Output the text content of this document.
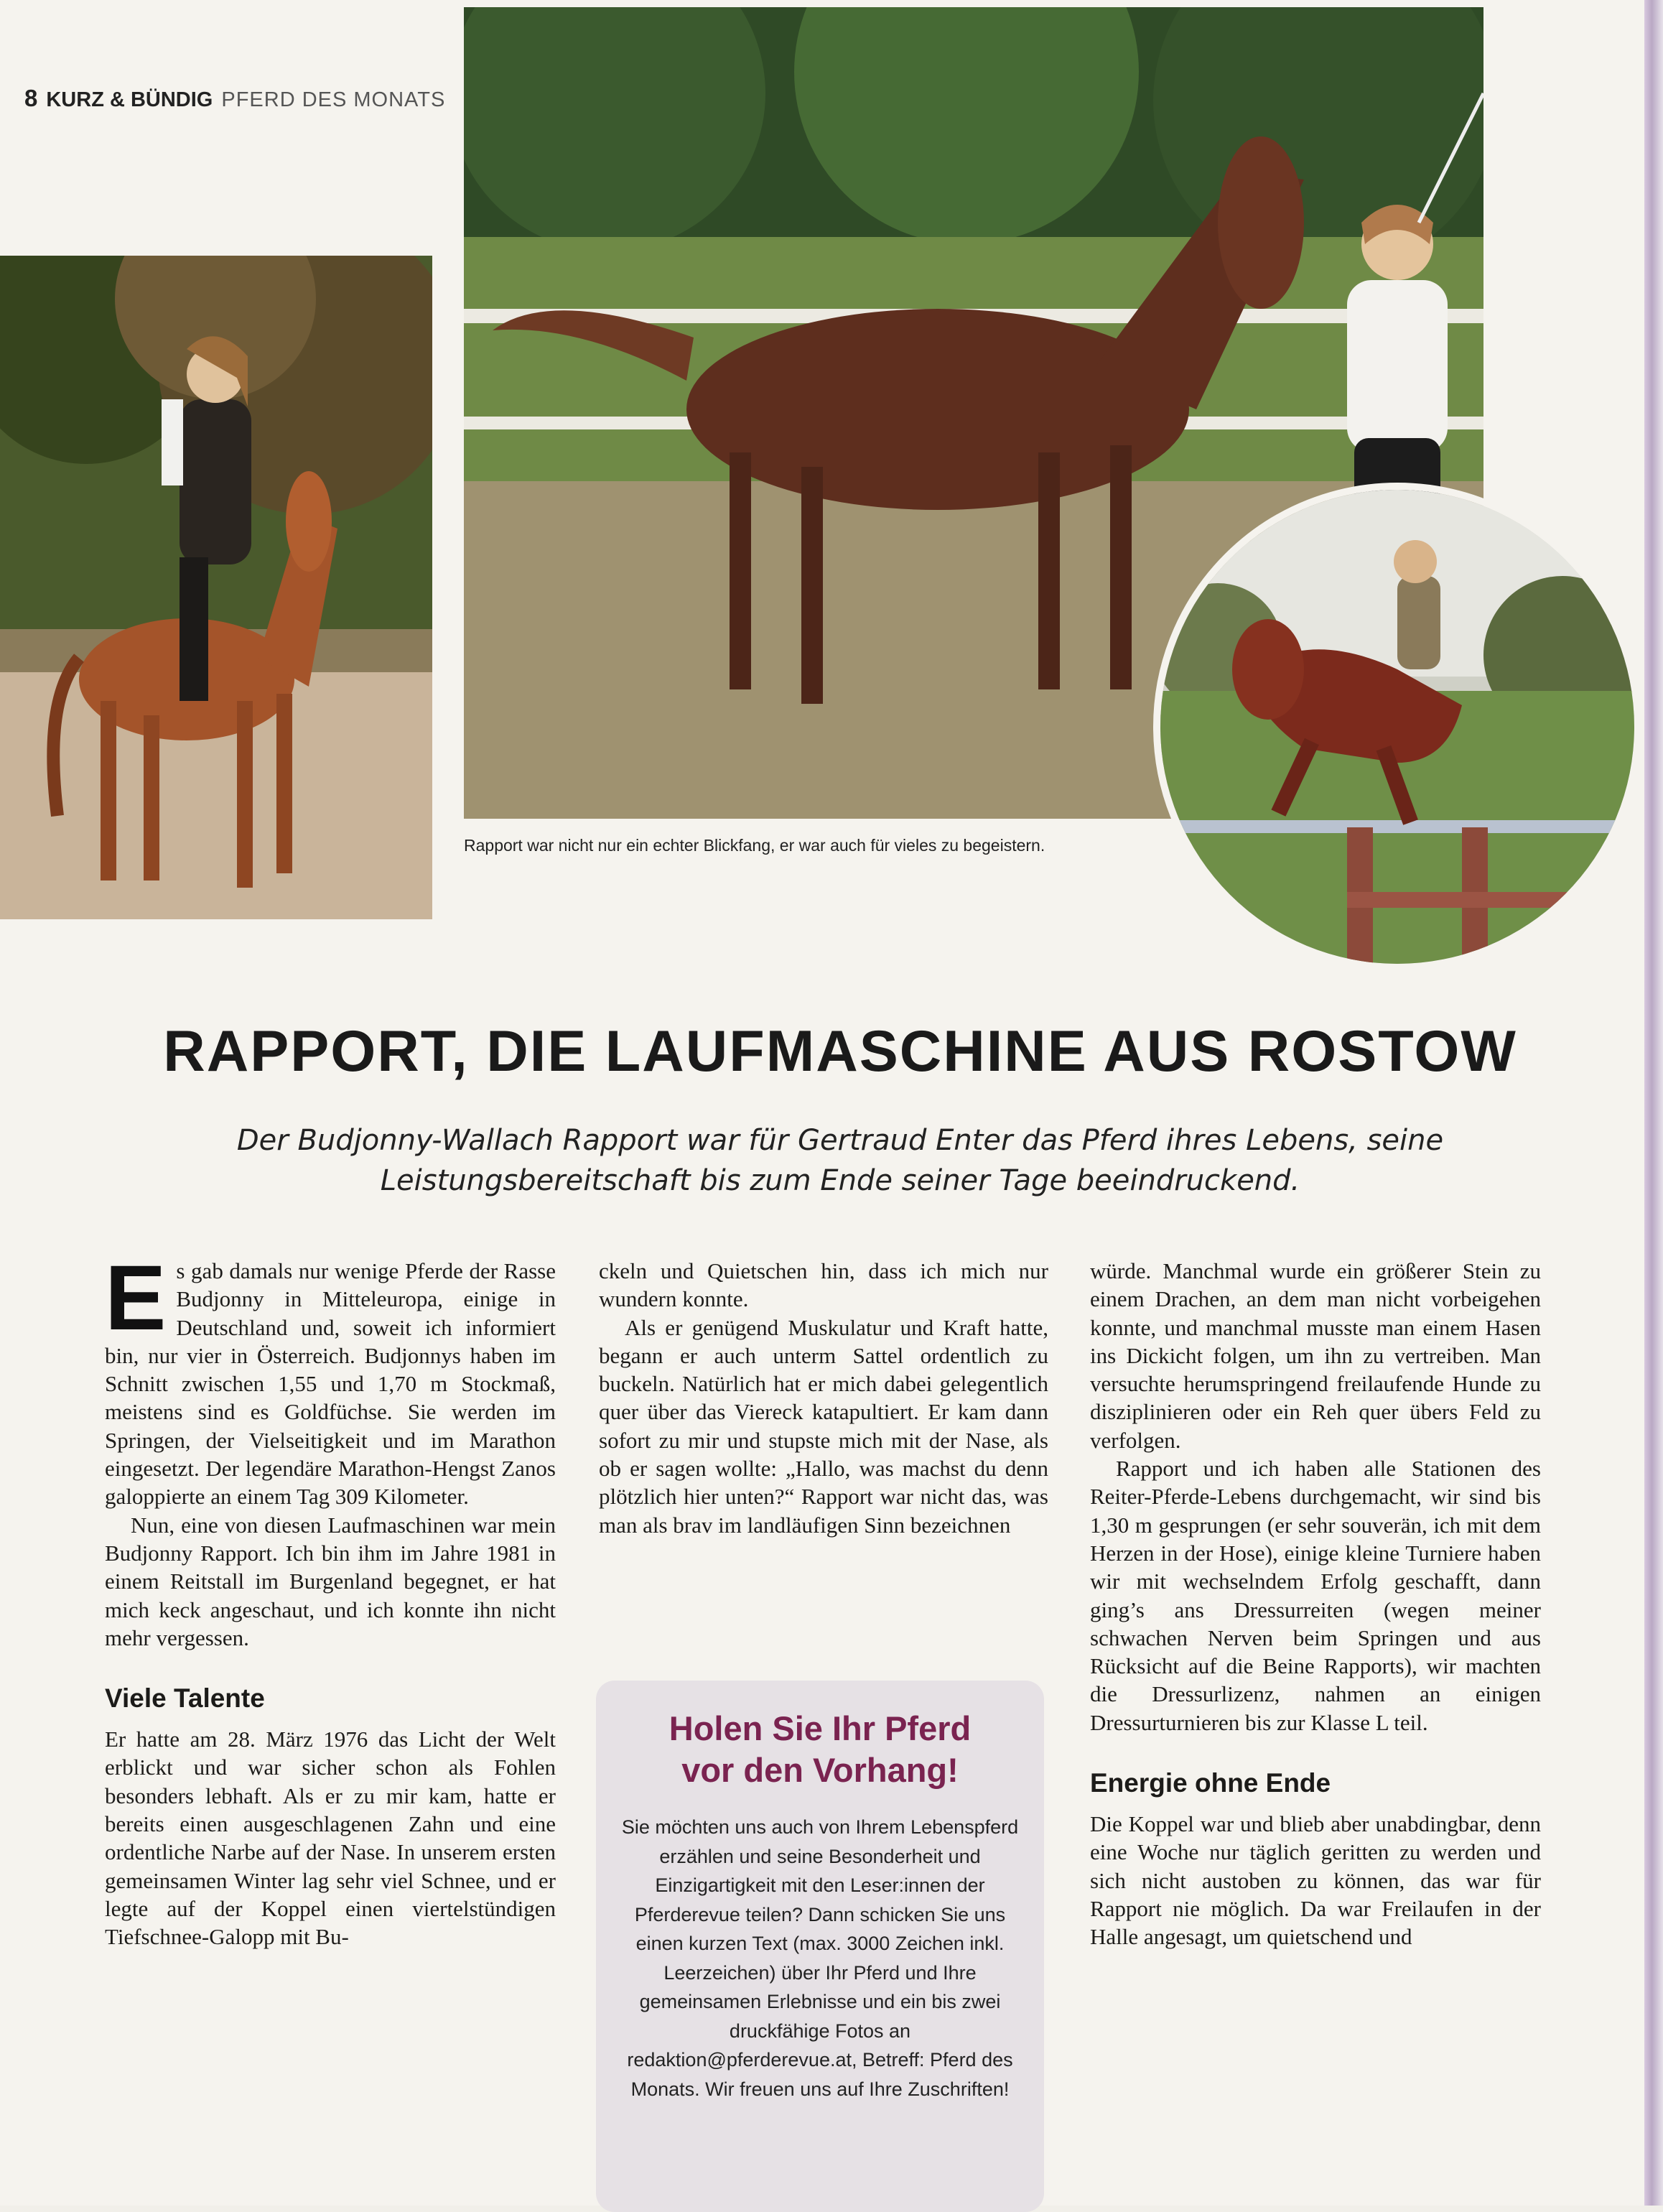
8 KURZ & BÜNDIG PFERD DES MONATS
Rapport war nicht nur ein echter Blickfang, er war auch für vieles zu begeistern.
RAPPORT, DIE LAUFMASCHINE AUS ROSTOW
Der Budjonny-Wallach Rapport war für Gertraud Enter das Pferd ihres Lebens, seine
Leistungsbereitschaft bis zum Ende seiner Tage beeindruckend.

Es gab damals nur wenige Pferde der Rasse Budjonny in Mitteleuropa, einige in Deutschland und, soweit ich informiert bin, nur vier in Österreich. Budjonnys haben im Schnitt zwischen 1,55 und 1,70 m Stockmaß, meistens sind es Goldfüchse. Sie werden im Springen, der Vielseitigkeit und im Marathon eingesetzt. Der legendäre Marathon-Hengst Zanos galoppierte an einem Tag 309 Kilometer.

Nun, eine von diesen Laufmaschinen war mein Budjonny Rapport. Ich bin ihm im Jahre 1981 in einem Reitstall im Burgenland begegnet, er hat mich keck angeschaut, und ich konnte ihn nicht mehr vergessen.

Viele Talente

Er hatte am 28. März 1976 das Licht der Welt erblickt und war sicher schon als Fohlen besonders lebhaft. Als er zu mir kam, hatte er bereits einen ausgeschlagenen Zahn und eine ordentliche Narbe auf der Nase. In unserem ersten gemeinsamen Winter lag sehr viel Schnee, und er legte auf der Koppel einen viertelstündigen Tiefschnee-Galopp mit Bu-

ckeln und Quietschen hin, dass ich mich nur wundern konnte.

Als er genügend Muskulatur und Kraft hatte, begann er auch unterm Sattel ordentlich zu buckeln. Natürlich hat er mich dabei gelegentlich quer über das Viereck katapultiert. Er kam dann sofort zu mir und stupste mich mit der Nase, als ob er sagen wollte: „Hallo, was machst du denn plötzlich hier unten?“ Rapport war nicht das, was man als brav im landläufigen Sinn bezeichnen

Holen Sie Ihr Pferd
vor den Vorhang!
Sie möchten uns auch von Ihrem Lebenspferd erzählen und seine Besonderheit und Einzigartigkeit mit den Leser:innen der Pferderevue teilen? Dann schicken Sie uns einen kurzen Text (max. 3000 Zeichen inkl. Leerzeichen) über Ihr Pferd und Ihre gemeinsamen Erlebnisse und ein bis zwei druckfähige Fotos an redaktion@pferderevue.at, Betreff: Pferd des Monats. Wir freuen uns auf Ihre Zuschriften!

würde. Manchmal wurde ein größerer Stein zu einem Drachen, an dem man nicht vorbeigehen konnte, und manchmal musste man einem Hasen ins Dickicht folgen, um ihn zu vertreiben. Man versuchte herumspringend freilaufende Hunde zu disziplinieren oder ein Reh quer übers Feld zu verfolgen.

Rapport und ich haben alle Stationen des Reiter-Pferde-Lebens durchgemacht, wir sind bis 1,30 m gesprungen (er sehr souverän, ich mit dem Herzen in der Hose), einige kleine Turniere haben wir mit wechselndem Erfolg geschafft, dann ging’s ans Dressurreiten (wegen meiner schwachen Nerven beim Springen und aus Rücksicht auf die Beine Rapports), wir machten die Dressurlizenz, nahmen an einigen Dressurturnieren bis zur Klasse L teil.

Energie ohne Ende

Die Koppel war und blieb aber unabdingbar, denn eine Woche nur täglich geritten zu werden und sich nicht austoben zu können, das war für Rapport nie möglich. Da war Freilaufen in der Halle angesagt, um quietschend und
